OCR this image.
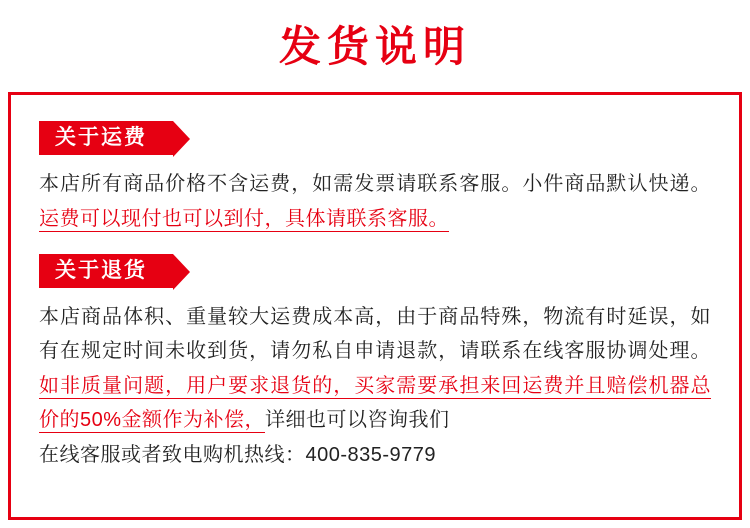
发货说明
关于运费
本店所有商品价格不含运费，如需发票请联系客服。小件商品默认快递。运费可以现付也可以到付，具体请联系客服。
关于退货
本店商品体积、重量较大运费成本高，由于商品特殊，物流有时延误，如有在规定时间未收到货，请勿私自申请退款，请联系在线客服协调处理。如非质量问题，用户要求退货的，买家需要承担来回运费并且赔偿机器总价的50%金额作为补偿，详细也可以咨询我们
在线客服或者致电购机热线：400-835-9779
